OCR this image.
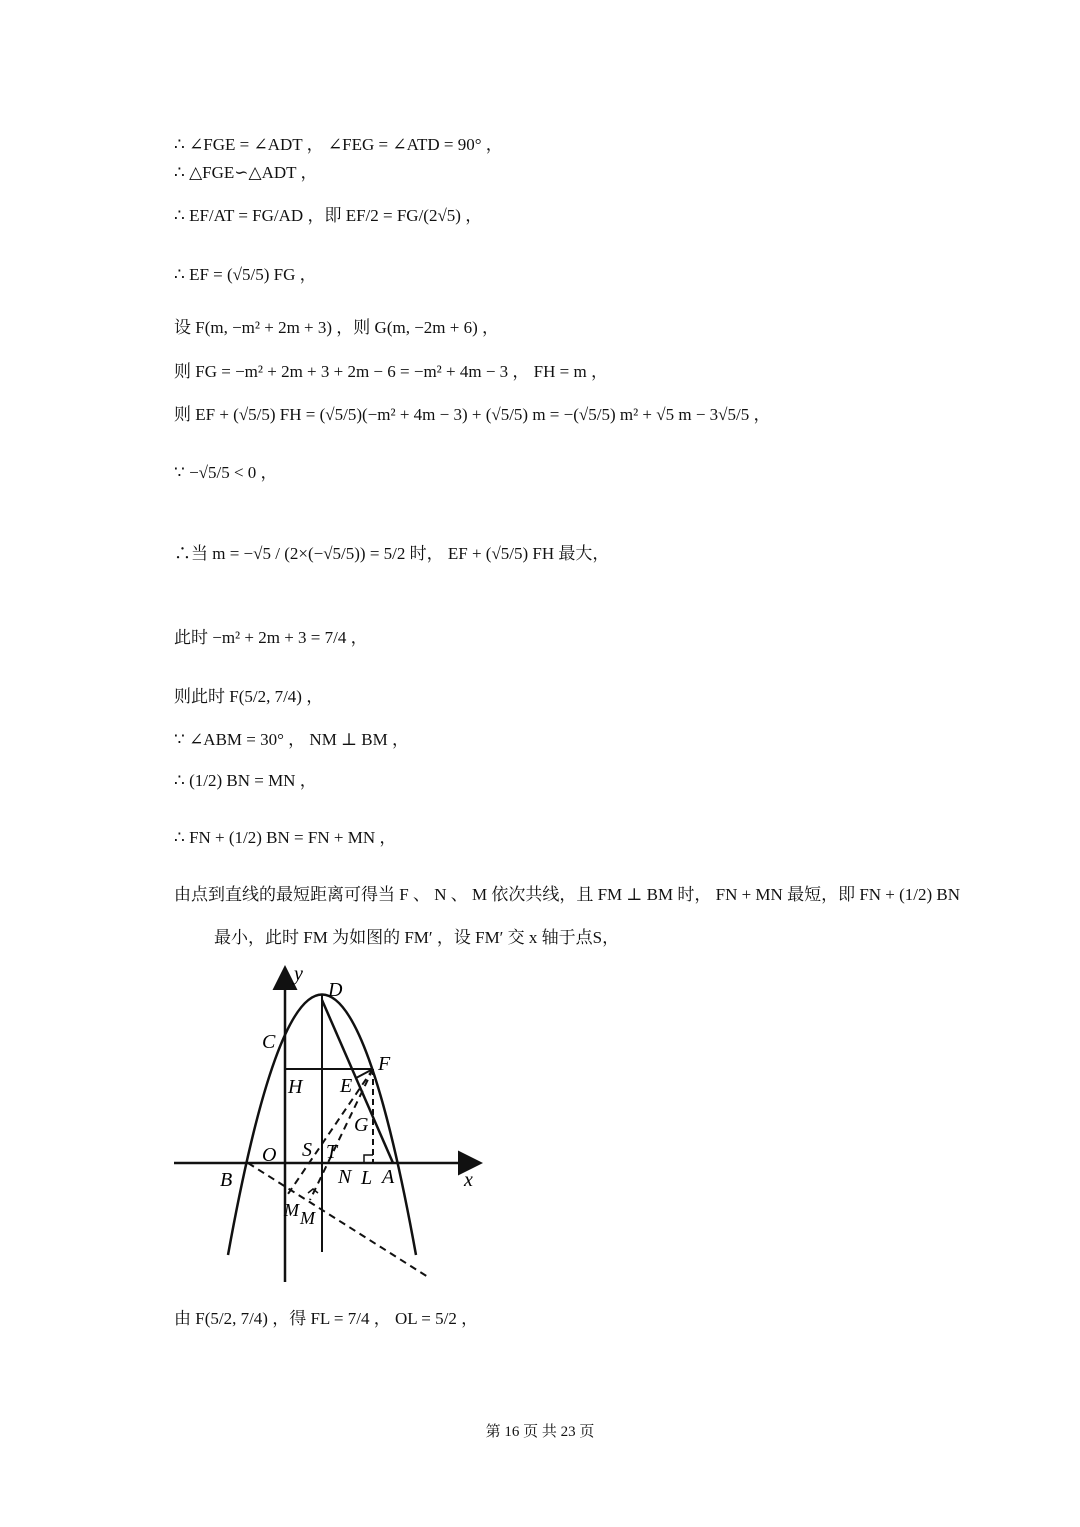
∴ ∠FGE = ∠ADT ， ∠FEG = ∠ATD = 90° ，
∴ △FGE∽△ADT ，
∴ EF/AT = FG/AD ，即 EF/2 = FG/(2√5) ，
∴ EF = (√5/5) FG ，
设 F(m, −m² + 2m + 3) ，则 G(m, −2m + 6) ，
则 FG = −m² + 2m + 3 + 2m − 6 = −m² + 4m − 3 ， FH = m ，
则 EF + (√5/5) FH = (√5/5)(−m² + 4m − 3) + (√5/5) m = −(√5/5) m² + √5 m − 3√5/5 ，
∵ −√5/5 < 0 ，
∴当 m = −√5 / (2×(−√5/5)) = 5/2 时， EF + (√5/5) FH 最大，
此时 −m² + 2m + 3 = 7/4 ，
则此时 F(5/2, 7/4) ，
∵ ∠ABM = 30° ， NM ⊥ BM ，
∴ (1/2) BN = MN ，
∴ FN + (1/2) BN = FN + MN ，
由点到直线的最短距离可得当 F 、 N 、 M 依次共线，且 FM ⊥ BM 时， FN + MN 最短，即 FN + (1/2) BN
最小，此时 FM 为如图的 FM′ ，设 FM′ 交 x 轴于点S，
y
x
D
C
F
H E
G
O S T
B	N L A
M M
由 F(5/2, 7/4) ，得 FL = 7/4 ， OL = 5/2 ，
第 16 页 共 23 页
